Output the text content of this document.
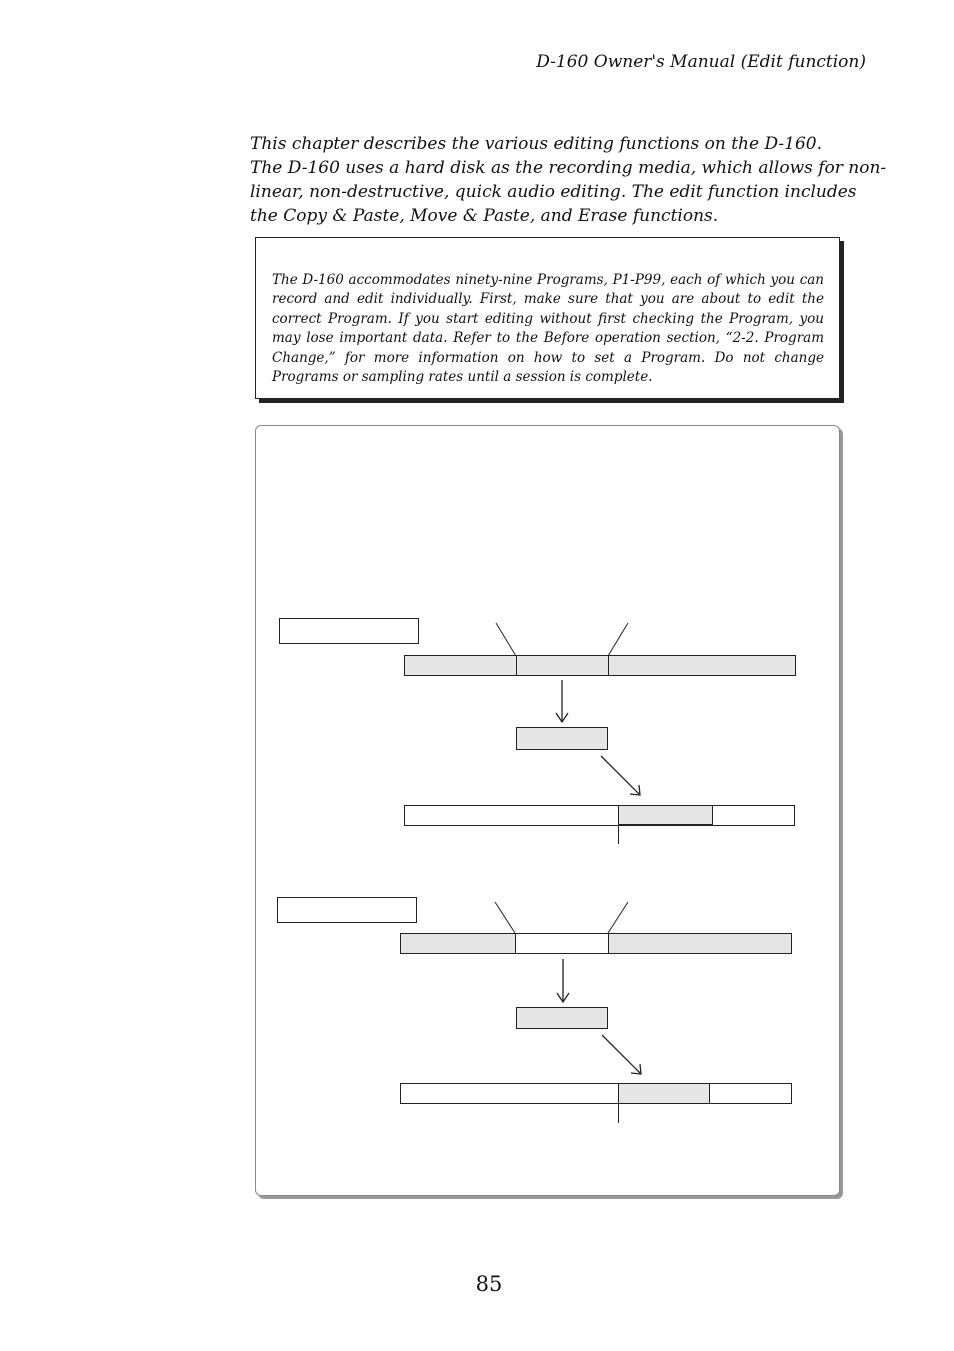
D-160 Owner's Manual (Edit function)
This chapter describes the various editing functions on the D-160.
The D-160 uses a hard disk as the recording media, which allows for non-
linear, non-destructive, quick audio editing. The edit function includes
the Copy & Paste, Move & Paste, and Erase functions.
The D-160 accommodates ninety-nine Programs, P1-P99, each of which you can record and edit individually. First, make sure that you are about to edit the correct Program. If you start editing without first checking the Program, you may lose important data. Refer to the Before operation section, “2-2. Program Change,” for more information on how to set a Program. Do not change Programs or sampling rates until a session is complete.
85
